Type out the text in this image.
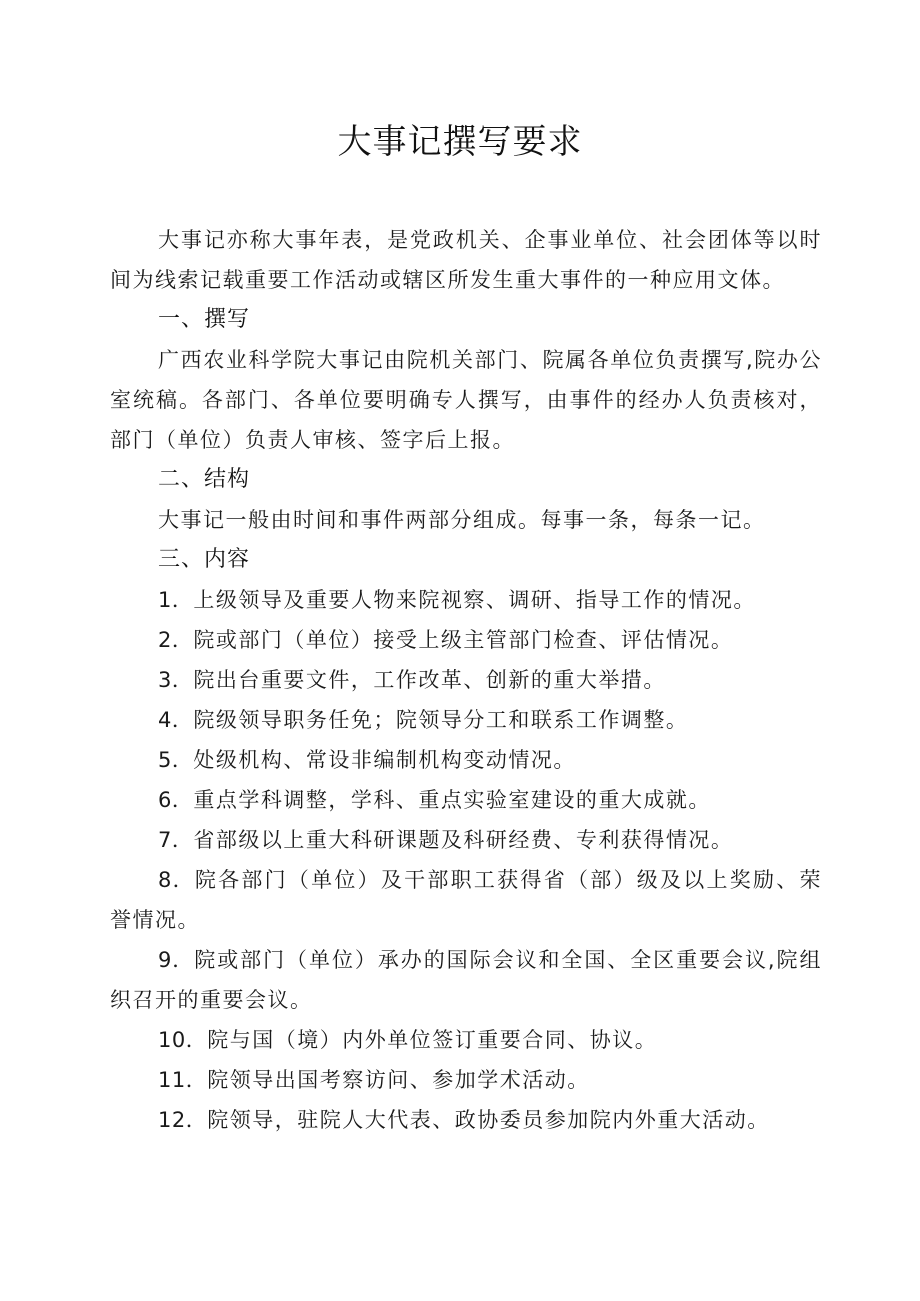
大事记撰写要求

大事记亦称大事年表，是党政机关、企事业单位、社会团体等以时间为线索记载重要工作活动或辖区所发生重大事件的一种应用文体。

一、撰写

广西农业科学院大事记由院机关部门、院属各单位负责撰写,院办公室统稿。各部门、各单位要明确专人撰写，由事件的经办人负责核对，部门（单位）负责人审核、签字后上报。

二、结构

大事记一般由时间和事件两部分组成。每事一条，每条一记。

三、内容

1．上级领导及重要人物来院视察、调研、指导工作的情况。

2．院或部门（单位）接受上级主管部门检查、评估情况。

3．院出台重要文件，工作改革、创新的重大举措。

4．院级领导职务任免；院领导分工和联系工作调整。

5．处级机构、常设非编制机构变动情况。

6．重点学科调整，学科、重点实验室建设的重大成就。

7．省部级以上重大科研课题及科研经费、专利获得情况。

8．院各部门（单位）及干部职工获得省（部）级及以上奖励、荣誉情况。

9．院或部门（单位）承办的国际会议和全国、全区重要会议,院组织召开的重要会议。

10．院与国（境）内外单位签订重要合同、协议。

11．院领导出国考察访问、参加学术活动。

12．院领导，驻院人大代表、政协委员参加院内外重大活动。
